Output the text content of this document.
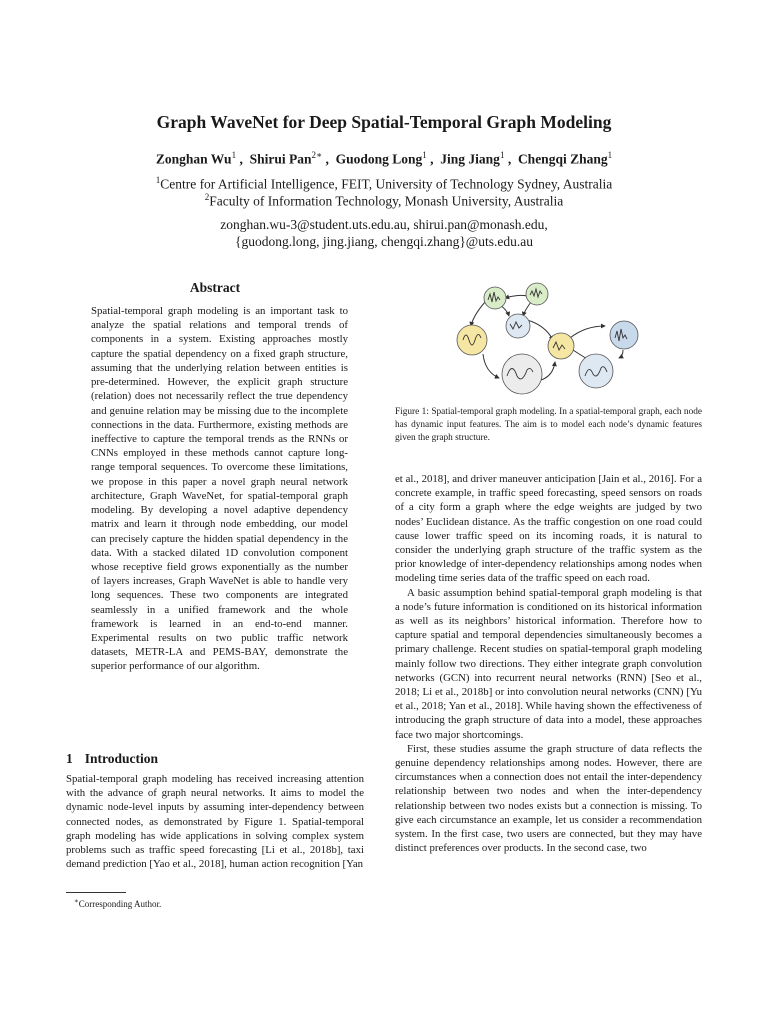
Graph WaveNet for Deep Spatial-Temporal Graph Modeling
Zonghan Wu$^1$ ,  Shirui Pan$^{2∗}$ ,  Guodong Long$^1$ ,  Jing Jiang$^1$ ,  Chengqi Zhang$^1$
$^1$Centre for Artificial Intelligence, FEIT, University of Technology Sydney, Australia
$^2$Faculty of Information Technology, Monash University, Australia
zonghan.wu-3@student.uts.edu.au, shirui.pan@monash.edu,
{guodong.long, jing.jiang, chengqi.zhang}@uts.edu.au
Abstract
Spatial-temporal graph modeling is an important task to analyze the spatial relations and temporal trends of components in a system. Existing approaches mostly capture the spatial dependency on a fixed graph structure, assuming that the underlying relation between entities is pre-determined. However, the explicit graph structure (relation) does not necessarily reflect the true dependency and genuine relation may be missing due to the incomplete connections in the data. Furthermore, existing methods are ineffective to capture the temporal trends as the RNNs or CNNs employed in these methods cannot capture long-range temporal sequences. To overcome these limitations, we propose in this paper a novel graph neural network architecture, Graph WaveNet, for spatial-temporal graph modeling. By developing a novel adaptive dependency matrix and learn it through node embedding, our model can precisely capture the hidden spatial dependency in the data. With a stacked dilated 1D convolution component whose receptive field grows exponentially as the number of layers increases, Graph WaveNet is able to handle very long sequences. These two components are integrated seamlessly in a unified framework and the whole framework is learned in an end-to-end manner. Experimental results on two public traffic network datasets, METR-LA and PEMS-BAY, demonstrate the superior performance of our algorithm.
1 Introduction
Spatial-temporal graph modeling has received increasing attention with the advance of graph neural networks. It aims to model the dynamic node-level inputs by assuming inter-dependency between connected nodes, as demonstrated by Figure 1. Spatial-temporal graph modeling has wide applications in solving complex system problems such as traffic speed forecasting [Li et al., 2018b], taxi demand prediction [Yao et al., 2018], human action recognition [Yan
∗Corresponding Author.
Figure 1: Spatial-temporal graph modeling. In a spatial-temporal graph, each node has dynamic input features. The aim is to model each node’s dynamic features given the graph structure.

et al., 2018], and driver maneuver anticipation [Jain et al., 2016]. For a concrete example, in traffic speed forecasting, speed sensors on roads of a city form a graph where the edge weights are judged by two nodes’ Euclidean distance. As the traffic congestion on one road could cause lower traffic speed on its incoming roads, it is natural to consider the underlying graph structure of the traffic system as the prior knowledge of inter-dependency relationships among nodes when modeling time series data of the traffic speed on each road.

A basic assumption behind spatial-temporal graph modeling is that a node’s future information is conditioned on its historical information as well as its neighbors’ historical information. Therefore how to capture spatial and temporal dependencies simultaneously becomes a primary challenge. Recent studies on spatial-temporal graph modeling mainly follow two directions. They either integrate graph convolution networks (GCN) into recurrent neural networks (RNN) [Seo et al., 2018; Li et al., 2018b] or into convolution neural networks (CNN) [Yu et al., 2018; Yan et al., 2018]. While having shown the effectiveness of introducing the graph structure of data into a model, these approaches face two major shortcomings.

First, these studies assume the graph structure of data reflects the genuine dependency relationships among nodes. However, there are circumstances when a connection does not entail the inter-dependency relationship between two nodes and when the inter-dependency relationship between two nodes exists but a connection is missing. To give each circumstance an example, let us consider a recommendation system. In the first case, two users are connected, but they may have distinct preferences over products. In the second case, two
